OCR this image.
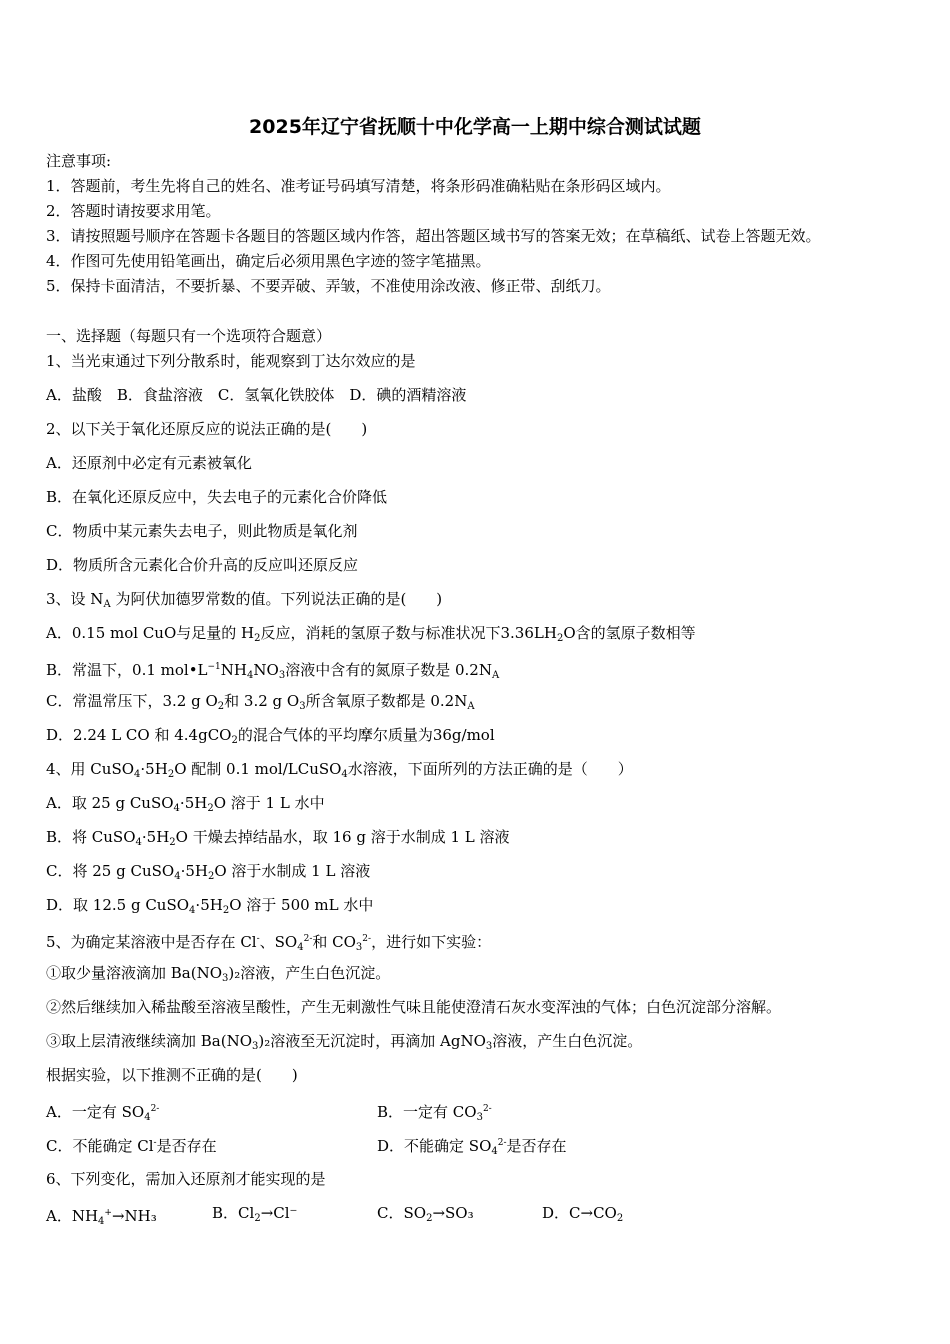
2025年辽宁省抚顺十中化学高一上期中综合测试试题
注意事项:
1．答题前，考生先将自己的姓名、准考证号码填写清楚，将条形码准确粘贴在条形码区域内。
2．答题时请按要求用笔。
3．请按照题号顺序在答题卡各题目的答题区域内作答，超出答题区域书写的答案无效；在草稿纸、试卷上答题无效。
4．作图可先使用铅笔画出，确定后必须用黑色字迹的签字笔描黑。
5．保持卡面清洁，不要折暴、不要弄破、弄皱，不准使用涂改液、修正带、刮纸刀。
一、选择题（每题只有一个选项符合题意）
1、当光束通过下列分散系时，能观察到丁达尔效应的是
A．盐酸　B．食盐溶液　C．氢氧化铁胶体　D．碘的酒精溶液
2、以下关于氧化还原反应的说法正确的是(　　)
A．还原剂中必定有元素被氧化
B．在氧化还原反应中，失去电子的元素化合价降低
C．物质中某元素失去电子，则此物质是氧化剂
D．物质所含元素化合价升高的反应叫还原反应
3、设 $N_A$ 为阿伏加德罗常数的值。下列说法正确的是(　　)
A．0.15 mol CuO与足量的 $H_2$反应，消耗的氢原子数与标准状况下$3.36LH_2O$含的氢原子数相等
B．常温下，0.1 $mol•L^{-1}NH_4NO_3$溶液中含有的氮原子数是 $0.2N_A$
C．常温常压下，3.2 g $O_2$和 3.2 g $O_3$所含氧原子数都是 $0.2N_A$
D．2.24 L CO 和 4.4gCO$_2$的混合气体的平均摩尔质量为36g/mol
4、用 $CuSO_4\cdot 5H_2O$ 配制 0.1 mol/LCuSO$_4$水溶液，下面所列的方法正确的是（　　）
A．取 25 g $CuSO_4\cdot 5H_2O$ 溶于 1 L 水中
B．将 $CuSO_4\cdot 5H_2O$ 干燥去掉结晶水，取 16 g 溶于水制成 1 L 溶液
C．将 25 g $CuSO_4\cdot 5H_2O$ 溶于水制成 1 L 溶液
D．取 12.5 g $CuSO_4\cdot 5H_2O$ 溶于 500 mL 水中
5、为确定某溶液中是否存在 Cl-、$SO_4^{2-}$和 $CO_3^{2-}$，进行如下实验：
①取少量溶液滴加 $Ba(NO_3)_2$溶液，产生白色沉淀。
②然后继续加入稀盐酸至溶液呈酸性，产生无刺激性气味且能使澄清石灰水变浑浊的气体；白色沉淀部分溶解。
③取上层清液继续滴加 $Ba(NO_3)_2$溶液至无沉淀时，再滴加 AgNO$_3$溶液，产生白色沉淀。
根据实验，以下推测不正确的是(　　)
A．一定有 $SO_4^{2-}$	B．一定有 $CO_3^{2-}$
C．不能确定 Cl-是否存在	D．不能确定 $SO_4^{2-}$是否存在
6、下列变化，需加入还原剂才能实现的是
A．$NH_4^+\to NH_3$	B．$Cl_2\to Cl^-$	C．$SO_2\to SO_3$	D．$C\to CO_2$
